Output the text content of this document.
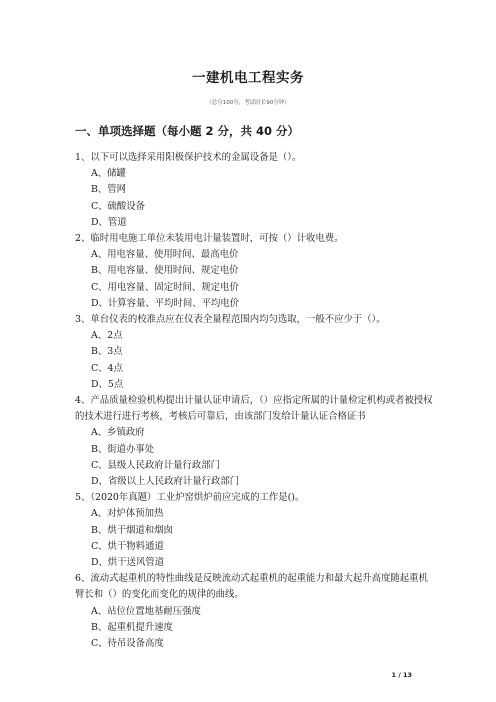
一建机电工程实务
（总分100分，考试时长90分钟）
一、单项选择题（每小题 2 分，共 40 分）

1、以下可以选择采用阳极保护技术的金属设备是（）。

A、储罐

B、管网

C、硫酸设备

D、管道

2、临时用电施工单位未装用电计量装置时，可按（）计收电费。

A、用电容量、使用时间、最高电价

B、用电容量、使用时间、规定电价

C、用电容量、固定时间、规定电价

D、计算容量、平均时间、平均电价

3、单台仪表的校准点应在仪表全量程范围内均匀选取，一般不应少于（）。

A、2点

B、3点

C、4点

D、5点

4、产品质量检验机构提出计量认证申请后，（）应指定所属的计量检定机构或者被授权的技术进行进行考核，考核后可靠后，由该部门发给计量认证合格证书

A、乡镇政府

B、街道办事处

C、县级人民政府计量行政部门

D、省级以上人民政府计量行政部门

5、（2020年真题）工业炉窑烘炉前应完成的工作是()。

A、对炉体预加热

B、烘干烟道和烟囱

C、烘干物料通道

D、烘干送风管道

6、流动式起重机的特性曲线是反映流动式起重机的起重能力和最大起升高度随起重机臂长和（）的变化而变化的规律的曲线。

A、站位位置地基耐压强度

B、起重机提升速度

C、待吊设备高度

1 / 13
